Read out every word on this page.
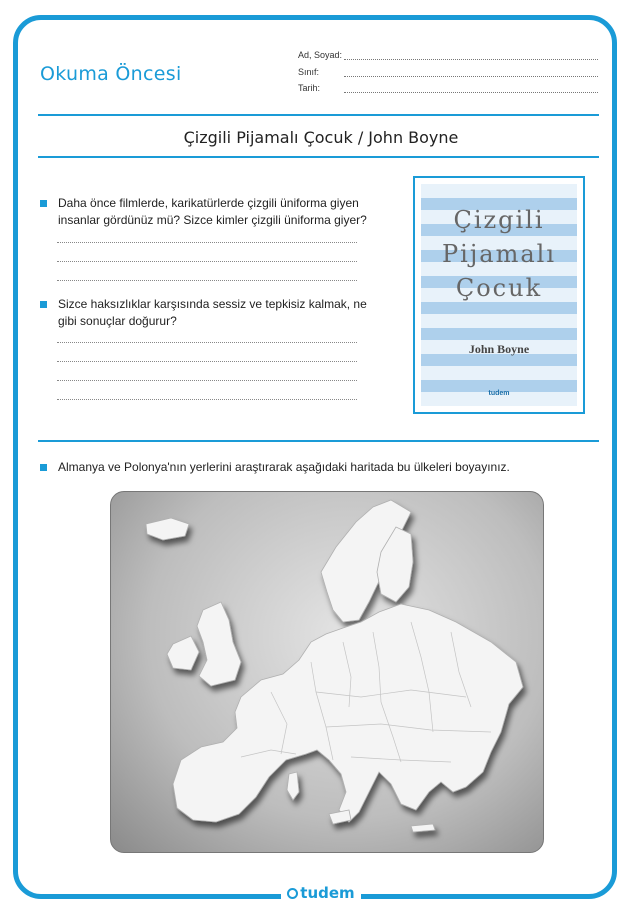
Okuma Öncesi
Ad, Soyad:
Sınıf:
Tarih:
Çizgili Pijamalı Çocuk / John Boyne
Daha önce filmlerde, karikatürlerde çizgili üniforma giyen insanlar gördünüz mü? Sizce kimler çizgili üniforma giyer?
Sizce haksızlıklar karşısında sessiz ve tepkisiz kalmak, ne gibi sonuçlar doğurur?
Çizgili
Pijamalı
Çocuk
John Boyne
tudem
Almanya ve Polonya'nın yerlerini araştırarak aşağıdaki haritada bu ülkeleri boyayınız.
tudem
